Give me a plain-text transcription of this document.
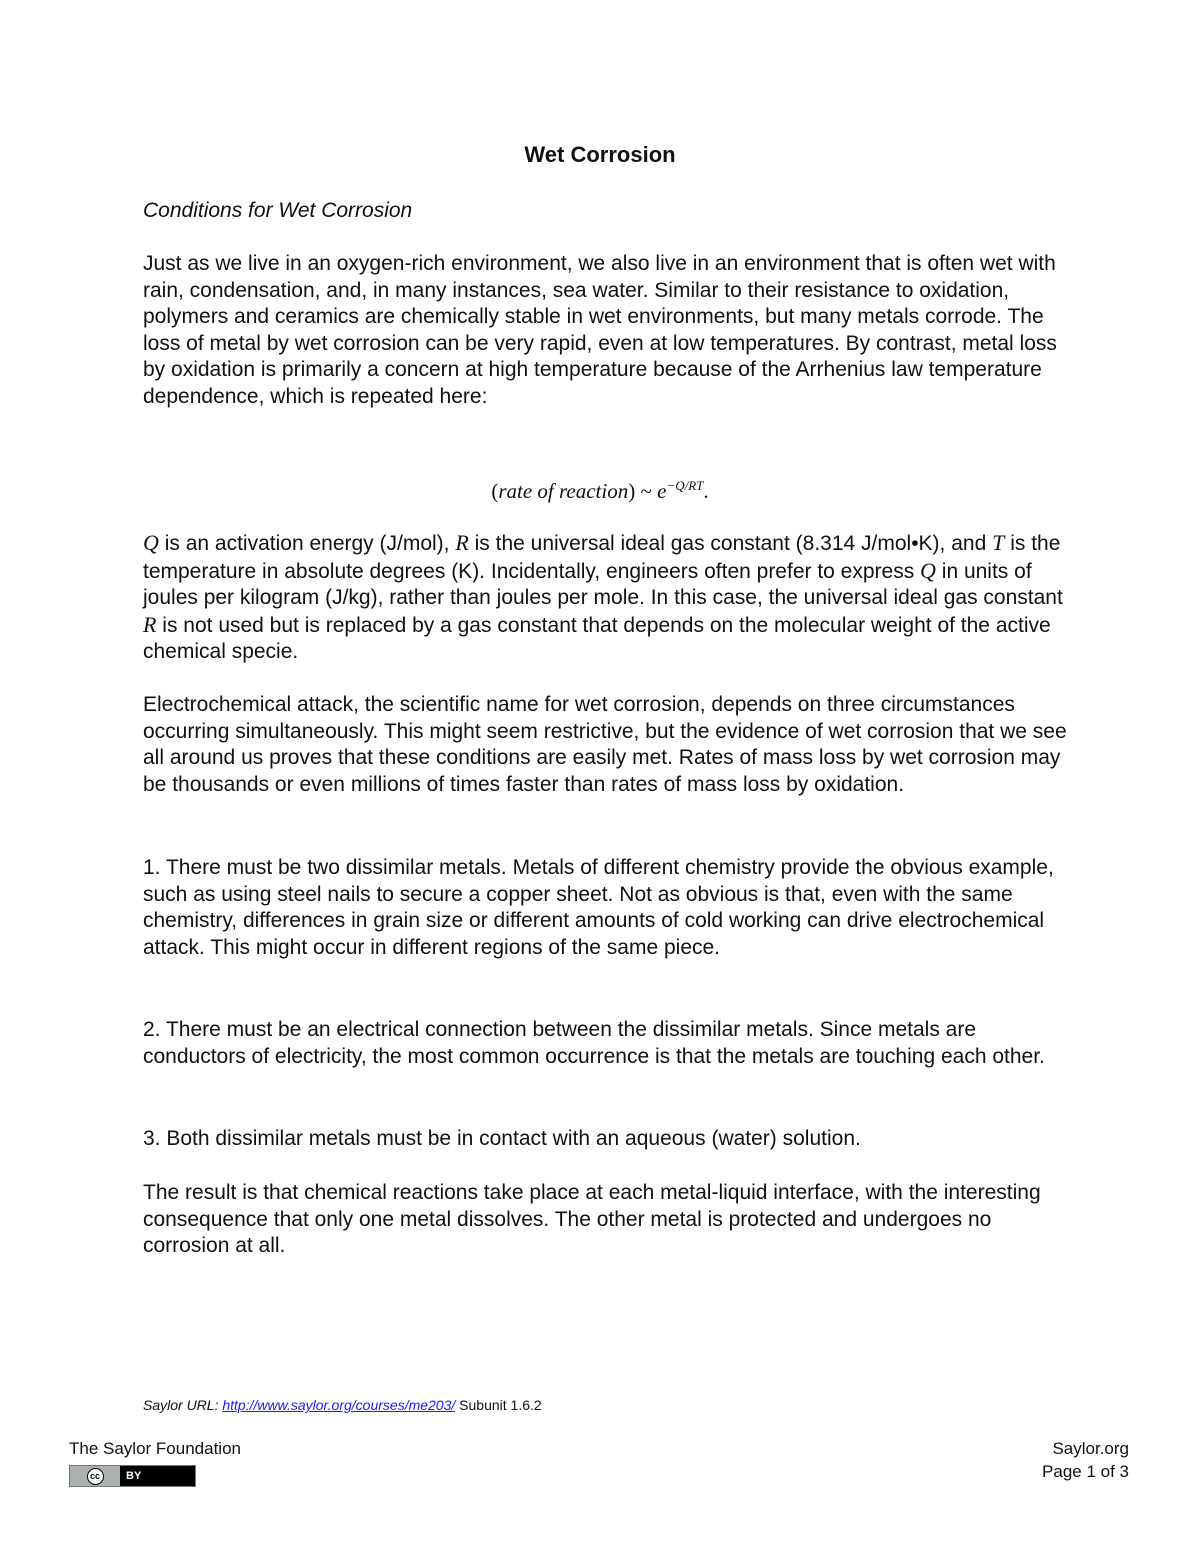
Wet Corrosion
Conditions for Wet Corrosion

Just as we live in an oxygen-rich environment, we also live in an environment that is often wet with rain, condensation, and, in many instances, sea water. Similar to their resistance to oxidation, polymers and ceramics are chemically stable in wet environments, but many metals corrode. The loss of metal by wet corrosion can be very rapid, even at low temperatures. By contrast, metal loss by oxidation is primarily a concern at high temperature because of the Arrhenius law temperature dependence, which is repeated here:

(rate of reaction) ~ $e^{-Q/RT}$.

Q is an activation energy (J/mol), R is the universal ideal gas constant (8.314 J/mol•K), and T is the temperature in absolute degrees (K). Incidentally, engineers often prefer to express Q in units of joules per kilogram (J/kg), rather than joules per mole. In this case, the universal ideal gas constant R is not used but is replaced by a gas constant that depends on the molecular weight of the active chemical specie.

Electrochemical attack, the scientific name for wet corrosion, depends on three circumstances occurring simultaneously. This might seem restrictive, but the evidence of wet corrosion that we see all around us proves that these conditions are easily met. Rates of mass loss by wet corrosion may be thousands or even millions of times faster than rates of mass loss by oxidation.

1. There must be two dissimilar metals. Metals of different chemistry provide the obvious example, such as using steel nails to secure a copper sheet. Not as obvious is that, even with the same chemistry, differences in grain size or different amounts of cold working can drive electrochemical attack. This might occur in different regions of the same piece.

2. There must be an electrical connection between the dissimilar metals. Since metals are conductors of electricity, the most common occurrence is that the metals are touching each other.

3. Both dissimilar metals must be in contact with an aqueous (water) solution.

The result is that chemical reactions take place at each metal-liquid interface, with the interesting consequence that only one metal dissolves. The other metal is protected and undergoes no corrosion at all.

Saylor URL: http://www.saylor.org/courses/me203/ Subunit 1.6.2
The Saylor Foundation
cc	BY
Saylor.org
Page 1 of 3
